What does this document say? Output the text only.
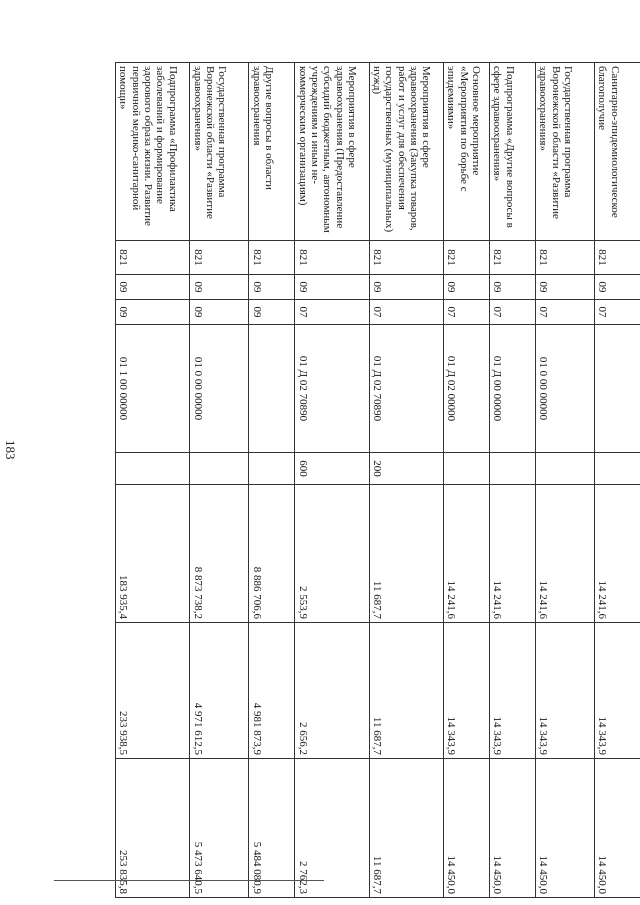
183
Санитарно-эпидемиологическое благополучие	821	09	07			14 241,6	14 343,9	14 450,0
Государственная программа Воронежской области «Развитие здравоохранения»	821	09	07	01 0 00 00000		14 241,6	14 343,9	14 450,0
Подпрограмма «Другие вопросы в сфере здравоохранения»	821	09	07	01 Д 00 00000		14 241,6	14 343,9	14 450,0
Основное мероприятие «Мероприятия по борьбе с эпидемиями»	821	09	07	01 Д 02 00000		14 241,6	14 343,9	14 450,0
Мероприятия в сфере здравоохранения (Закупка товаров, работ и услуг для обеспечения государственных (муниципальных) нужд)	821	09	07	01 Д 02 70890	200	11 687,7	11 687,7	11 687,7
Мероприятия в сфере здравоохранения (Предоставление субсидий бюджетным, автономным учреждениям и иным некоммерческим организациям)	821	09	07	01 Д 02 70890	600	2 553,9	2 656,2	2 762,3
Другие вопросы в области здравоохранения	821	09	09			8 886 706,6	4 981 873,9	5 484 080,9
Государственная программа Воронежской области «Развитие здравоохранения»	821	09	09	01 0 00 00000		8 873 738,2	4 971 612,5	5 473 640,5
Подпрограмма «Профилактика заболеваний и формирование здорового образа жизни. Развитие первичной медико-санитарной помощи»	821	09	09	01 1 00 00000		183 935,4	233 938,5	253 835,8
